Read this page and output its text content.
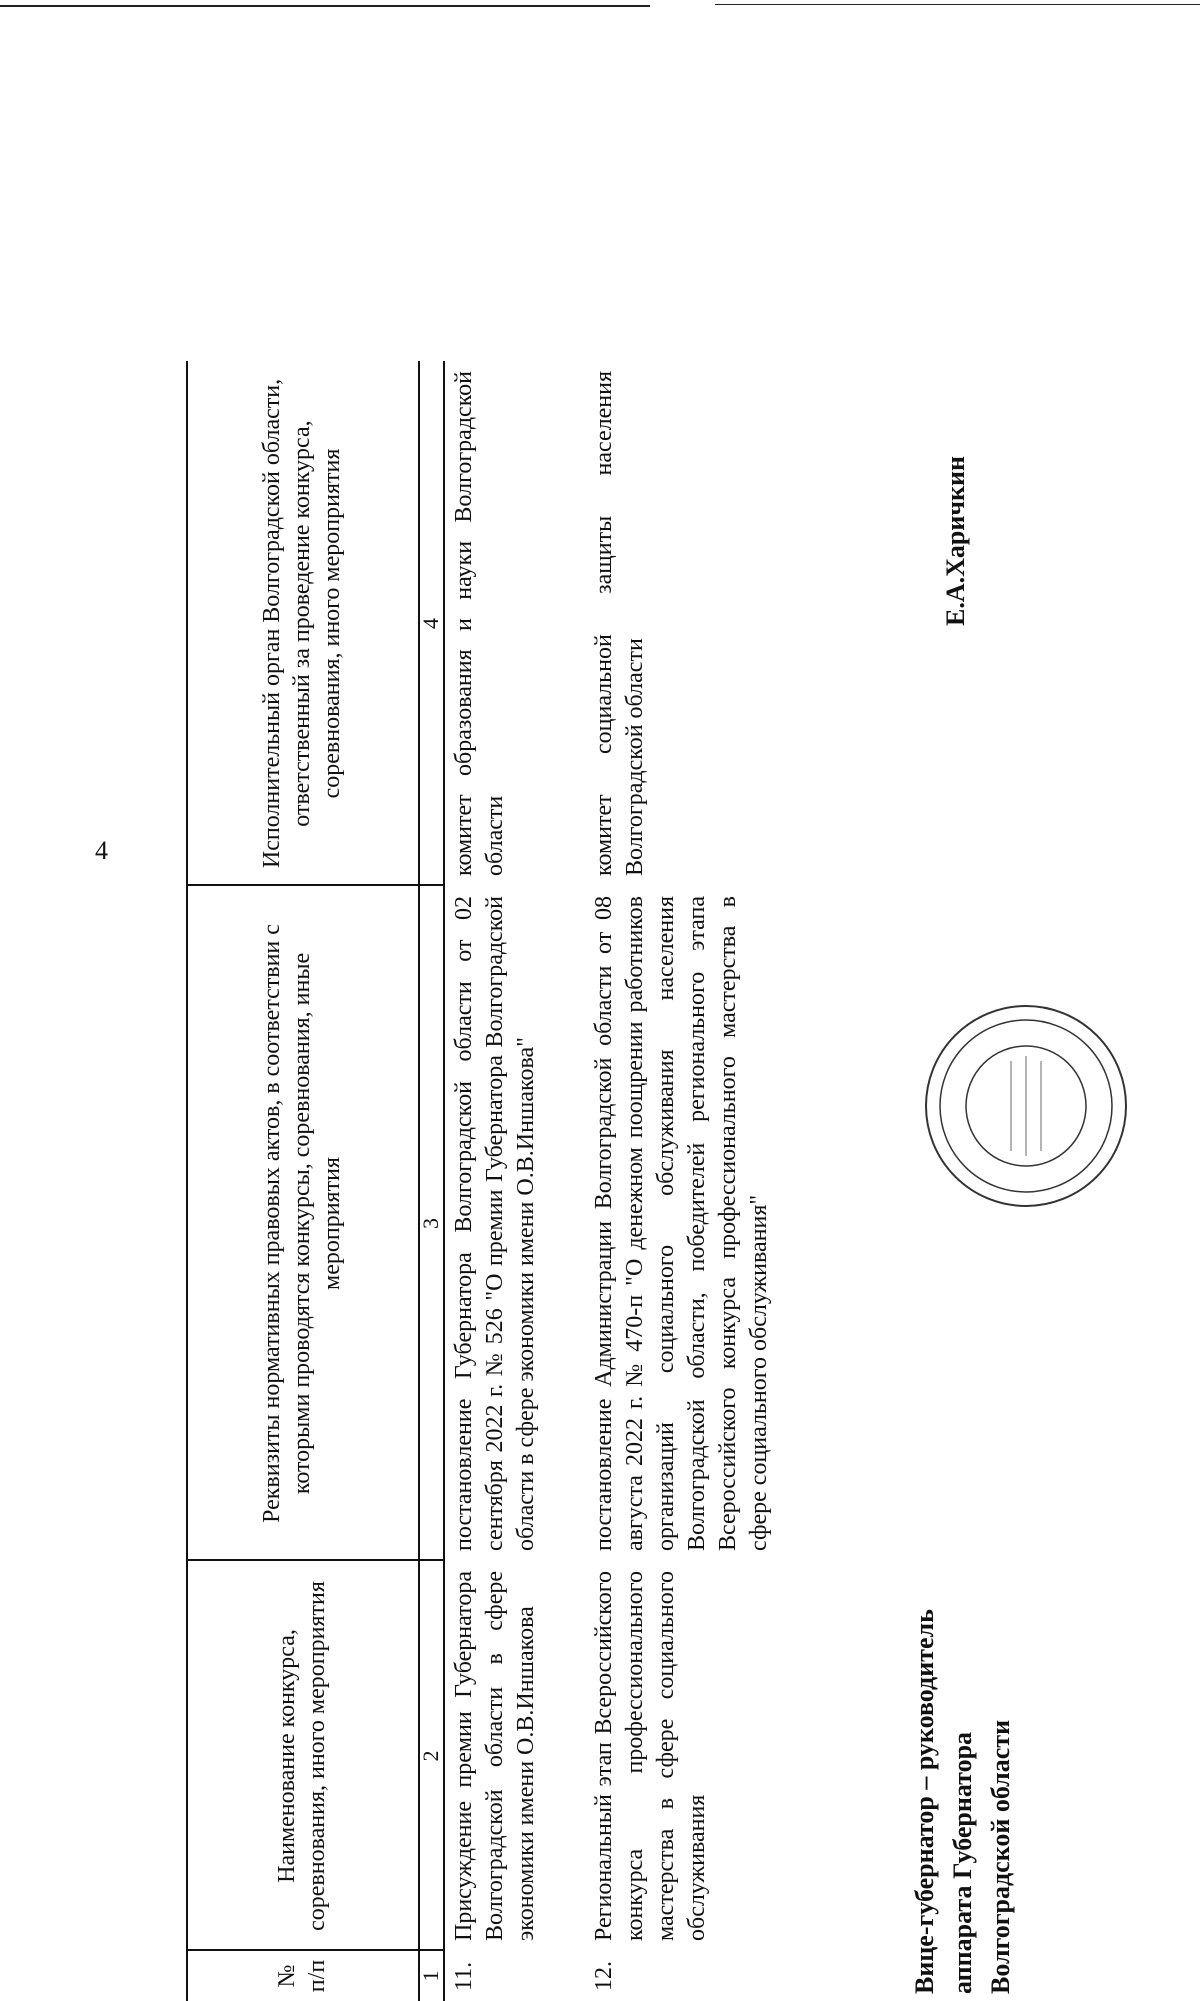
4
№ п/п
Наименование конкурса, соревнования, иного мероприятия
Реквизиты нормативных правовых актов, в соответствии с которыми проводятся конкурсы, соревнования, иные мероприятия
Исполнительный орган Волгоградской области, ответственный за проведение конкурса, соревнования, иного мероприятия
1
2
3
4
11.
Присуждение премии Губернатора Волгоградской области в сфере экономики имени О.В.Иншакова
постановление Губернатора Волгоградской области от 02 сентября 2022 г. № 526 "О премии Губернатора Волгоградской области в сфере экономики имени О.В.Иншакова"
комитет образования и науки Волгоградской области
12.
Региональный этап Всероссийского конкурса профессионального мастерства в сфере социального обслуживания
постановление Администрации Волгоградской области от 08 августа 2022 г. № 470-п "О денежном поощрении работников организаций социального обслуживания населения Волгоградской области, победителей регионального этапа Всероссийского конкурса профессионального мастерства в сфере социального обслуживания"
комитет социальной защиты населения Волгоградской области
Вице-губернатор – руководитель аппарата Губернатора Волгоградской области
Е.А.Харичкин
